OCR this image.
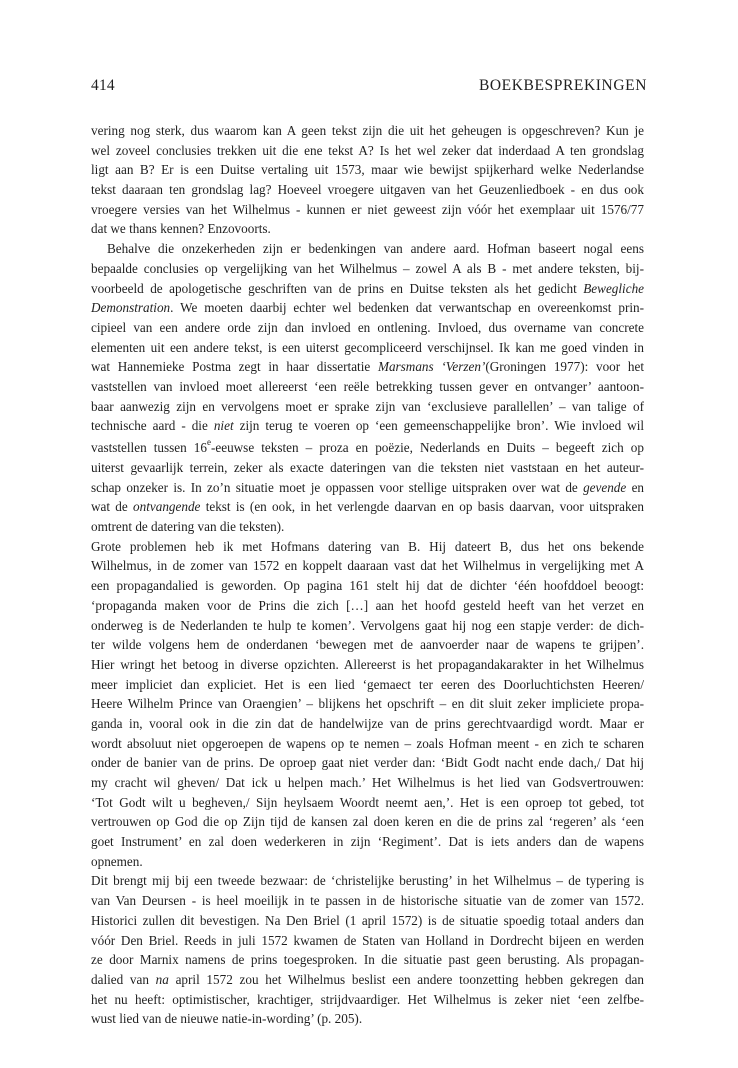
414	BOEKBESPREKINGEN
vering nog sterk, dus waarom kan A geen tekst zijn die uit het geheugen is opgeschreven? Kun je
wel zoveel conclusies trekken uit die ene tekst A? Is het wel zeker dat inderdaad A ten grondslag
ligt aan B? Er is een Duitse vertaling uit 1573, maar wie bewijst spijkerhard welke Nederlandse
tekst daaraan ten grondslag lag? Hoeveel vroegere uitgaven van het Geuzenliedboek - en dus ook
vroegere versies van het Wilhelmus - kunnen er niet geweest zijn vóór het exemplaar uit 1576/77
dat we thans kennen? Enzovoorts.
Behalve die onzekerheden zijn er bedenkingen van andere aard. Hofman baseert nogal eens
bepaalde conclusies op vergelijking van het Wilhelmus – zowel A als B - met andere teksten, bij-
voorbeeld de apologetische geschriften van de prins en Duitse teksten als het gedicht Bewegliche
Demonstration. We moeten daarbij echter wel bedenken dat verwantschap en overeenkomst prin-
cipieel van een andere orde zijn dan invloed en ontlening. Invloed, dus overname van concrete
elementen uit een andere tekst, is een uiterst gecompliceerd verschijnsel. Ik kan me goed vinden in
wat Hannemieke Postma zegt in haar dissertatie Marsmans ‘Verzen’(Groningen 1977): voor het
vaststellen van invloed moet allereerst ‘een reële betrekking tussen gever en ontvanger’ aantoon-
baar aanwezig zijn en vervolgens moet er sprake zijn van ‘exclusieve parallellen’ – van talige of
technische aard - die niet zijn terug te voeren op ‘een gemeenschappelijke bron’. Wie invloed wil
vaststellen tussen 16e-eeuwse teksten – proza en poëzie, Nederlands en Duits – begeeft zich op
uiterst gevaarlijk terrein, zeker als exacte dateringen van die teksten niet vaststaan en het auteur-
schap onzeker is. In zo’n situatie moet je oppassen voor stellige uitspraken over wat de gevende en
wat de ontvangende tekst is (en ook, in het verlengde daarvan en op basis daarvan, voor uitspraken
omtrent de datering van die teksten).
Grote problemen heb ik met Hofmans datering van B. Hij dateert B, dus het ons bekende
Wilhelmus, in de zomer van 1572 en koppelt daaraan vast dat het Wilhelmus in vergelijking met A
een propagandalied is geworden. Op pagina 161 stelt hij dat de dichter ‘één hoofddoel beoogt:
‘propaganda maken voor de Prins die zich […] aan het hoofd gesteld heeft van het verzet en
onderweg is de Nederlanden te hulp te komen’. Vervolgens gaat hij nog een stapje verder: de dich-
ter wilde volgens hem de onderdanen ‘bewegen met de aanvoerder naar de wapens te grijpen’.
Hier wringt het betoog in diverse opzichten. Allereerst is het propagandakarakter in het Wilhelmus
meer impliciet dan expliciet. Het is een lied ‘gemaect ter eeren des Doorluchtichsten Heeren/
Heere Wilhelm Prince van Oraengien’ – blijkens het opschrift – en dit sluit zeker impliciete propa-
ganda in, vooral ook in die zin dat de handelwijze van de prins gerechtvaardigd wordt. Maar er
wordt absoluut niet opgeroepen de wapens op te nemen – zoals Hofman meent - en zich te scharen
onder de banier van de prins. De oproep gaat niet verder dan: ‘Bidt Godt nacht ende dach,/ Dat hij
my cracht wil gheven/ Dat ick u helpen mach.’ Het Wilhelmus is het lied van Godsvertrouwen:
‘Tot Godt wilt u begheven,/ Sijn heylsaem Woordt neemt aen,’. Het is een oproep tot gebed, tot
vertrouwen op God die op Zijn tijd de kansen zal doen keren en die de prins zal ‘regeren’ als ‘een
goet Instrument’ en zal doen wederkeren in zijn ‘Regiment’. Dat is iets anders dan de wapens
opnemen.
Dit brengt mij bij een tweede bezwaar: de ‘christelijke berusting’ in het Wilhelmus – de typering is
van Van Deursen - is heel moeilijk in te passen in de historische situatie van de zomer van 1572.
Historici zullen dit bevestigen. Na Den Briel (1 april 1572) is de situatie spoedig totaal anders dan
vóór Den Briel. Reeds in juli 1572 kwamen de Staten van Holland in Dordrecht bijeen en werden
ze door Marnix namens de prins toegesproken. In die situatie past geen berusting. Als propagan-
dalied van na april 1572 zou het Wilhelmus beslist een andere toonzetting hebben gekregen dan
het nu heeft: optimistischer, krachtiger, strijdvaardiger. Het Wilhelmus is zeker niet ‘een zelfbe-
wust lied van de nieuwe natie-in-wording’ (p. 205).
